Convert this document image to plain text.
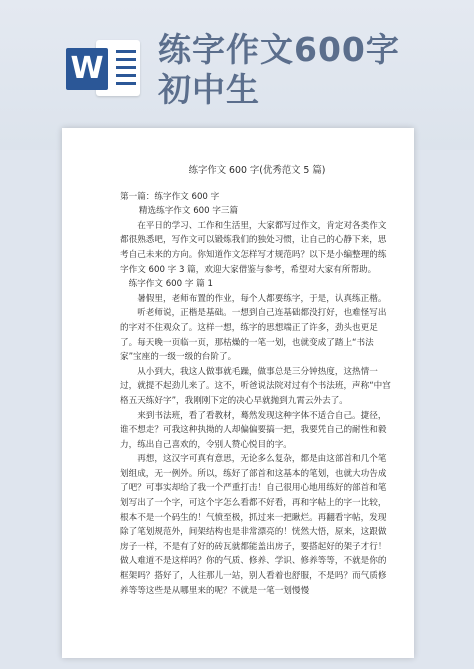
W 练字作文600字
初中生

练字作文 600 字(优秀范文 5 篇)

第一篇：练字作文 600 字

精选练字作文 600 字三篇

在平日的学习、工作和生活里，大家都写过作文，肯定对各类作文都很熟悉吧，写作文可以锻炼我们的独处习惯，让自己的心静下来，思考自己未来的方向。你知道作文怎样写才规范吗？以下是小编整理的练字作文 600 字 3 篇，欢迎大家借鉴与参考，希望对大家有所帮助。

练字作文 600 字 篇 1

暑假里，老师布置的作业，每个人都要练字，于是，认真练正楷。

听老师说，正楷是基础。一想到自己连基础都没打好，也难怪写出的字对不住观众了。这样一想，练字的思想端正了许多，劲头也更足了。每天晚一页临一页，那枯燥的一笔一划，也就变成了踏上“书法家”宝座的一级一级的台阶了。

从小到大，我这人做事就毛躁，做事总是三分钟热度，这热情一过，就提不起劲儿来了。这不，听爸说法院对过有个书法班，声称“中宫格五天练好字”，我刚刚下定的决心早就抛到九霄云外去了。

来到书法班，看了看教材，蓦然发现这种字体不适合自己。捷径，谁不想走？可我这种执拗的人却偏偏要搞一把，我要凭自己的耐性和毅力，练出自己喜欢的，令别人赞心悦目的字。

再想，这汉字可真有意思，无论多么复杂，都是由这部首和几个笔划组成，无一例外。所以，练好了部首和这基本的笔划，也就大功告成了吧？可事实却给了我一个严重打击！自己很用心地用练好的部首和笔划写出了一个字，可这个字怎么看都不好看，再和字帖上的字一比较，根本不是一个码生的！气愤至极，抓过来一把瞅烂。再翻看字帖，发现除了笔划规范外，间架结构也是非常漂亮的！恍然大悟，原来，这跟做房子一样，不是有了好的砖瓦就都能盖出房子，要搭起好的架子才行！做人难道不是这样吗？你的气质、修养、学识、修养等等，不就是你的框架吗？搭好了，人往那儿一站，别人看着也舒服，不是吗？而气质修养等等这些是从哪里来的呢？不就是一笔一划慢慢
